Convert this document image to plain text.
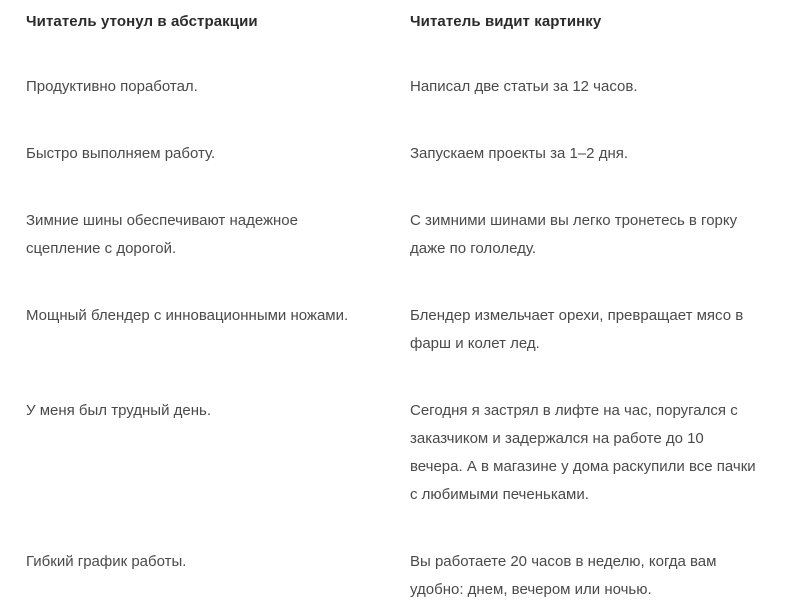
Читатель утонул в абстракции	Читатель видит картинку

Продуктивно поработал.	Написал две статьи за 12 часов.

Быстро выполняем работу.	Запускаем проекты за 1–2 дня.

Зимние шины обеспечивают надежное сцепление с дорогой.	С зимними шинами вы легко тронетесь в горку даже по гололеду.

Мощный блендер с инновационными ножами.	Блендер измельчает орехи, превращает мясо в фарш и колет лед.

У меня был трудный день.	Сегодня я застрял в лифте на час, поругался с заказчиком и задержался на работе до 10 вечера. А в магазине у дома раскупили все пачки с любимыми печеньками.

Гибкий график работы.	Вы работаете 20 часов в неделю, когда вам удобно: днем, вечером или ночью.
